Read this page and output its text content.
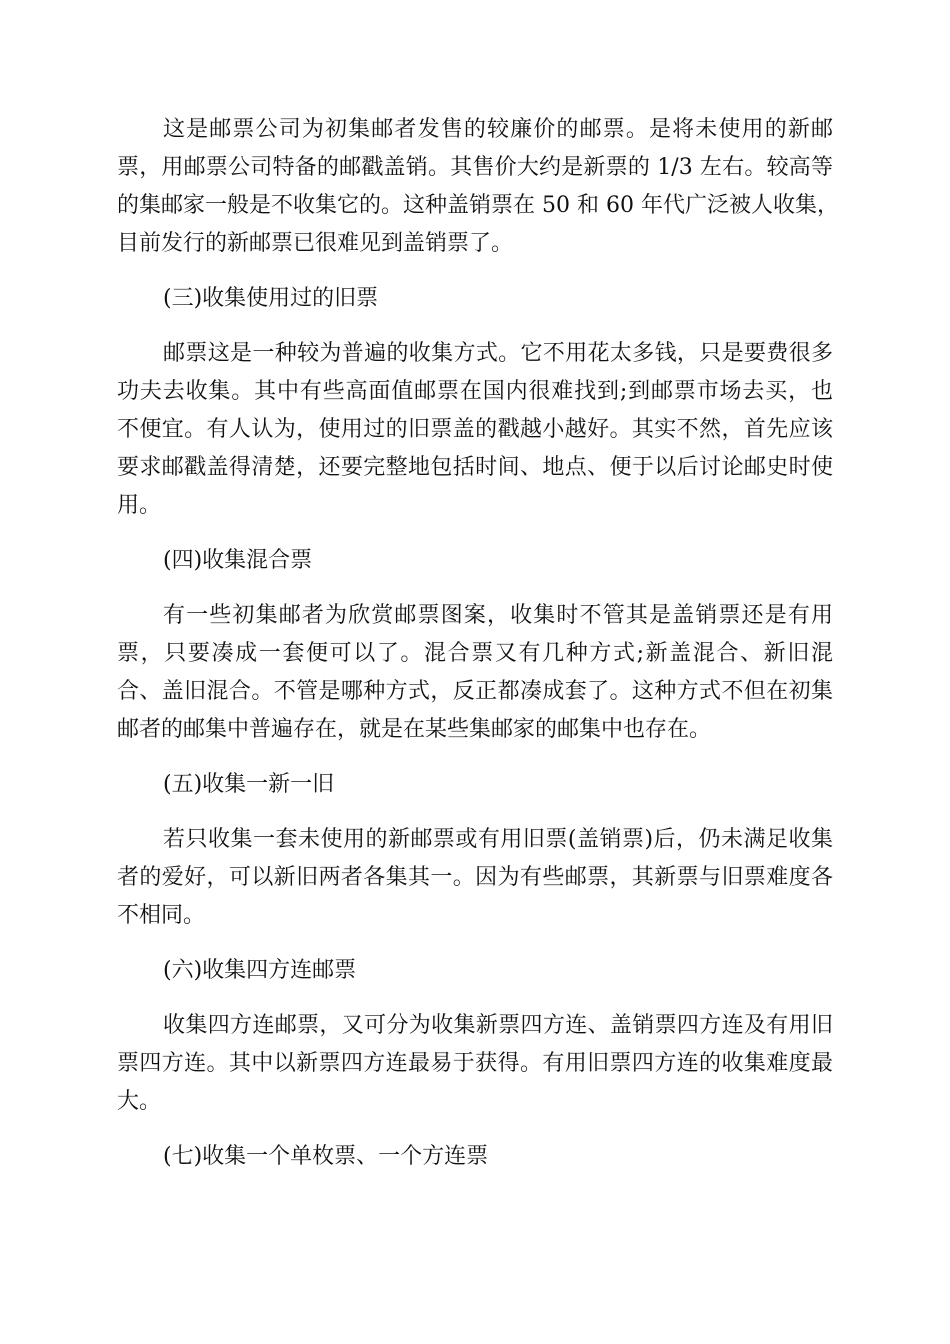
这是邮票公司为初集邮者发售的较廉价的邮票。是将未使用的新邮
票，用邮票公司特备的邮戳盖销。其售价大约是新票的 1/3 左右。较高等
的集邮家一般是不收集它的。这种盖销票在 50 和 60 年代广泛被人收集，
目前发行的新邮票已很难见到盖销票了。
(三)收集使用过的旧票
邮票这是一种较为普遍的收集方式。它不用花太多钱，只是要费很多
功夫去收集。其中有些高面值邮票在国内很难找到;到邮票市场去买，也
不便宜。有人认为，使用过的旧票盖的戳越小越好。其实不然，首先应该
要求邮戳盖得清楚，还要完整地包括时间、地点、便于以后讨论邮史时使
用。
(四)收集混合票
有一些初集邮者为欣赏邮票图案，收集时不管其是盖销票还是有用
票，只要凑成一套便可以了。混合票又有几种方式;新盖混合、新旧混
合、盖旧混合。不管是哪种方式，反正都凑成套了。这种方式不但在初集
邮者的邮集中普遍存在，就是在某些集邮家的邮集中也存在。
(五)收集一新一旧
若只收集一套未使用的新邮票或有用旧票(盖销票)后，仍未满足收集
者的爱好，可以新旧两者各集其一。因为有些邮票，其新票与旧票难度各
不相同。
(六)收集四方连邮票
收集四方连邮票，又可分为收集新票四方连、盖销票四方连及有用旧
票四方连。其中以新票四方连最易于获得。有用旧票四方连的收集难度最
大。
(七)收集一个单枚票、一个方连票
